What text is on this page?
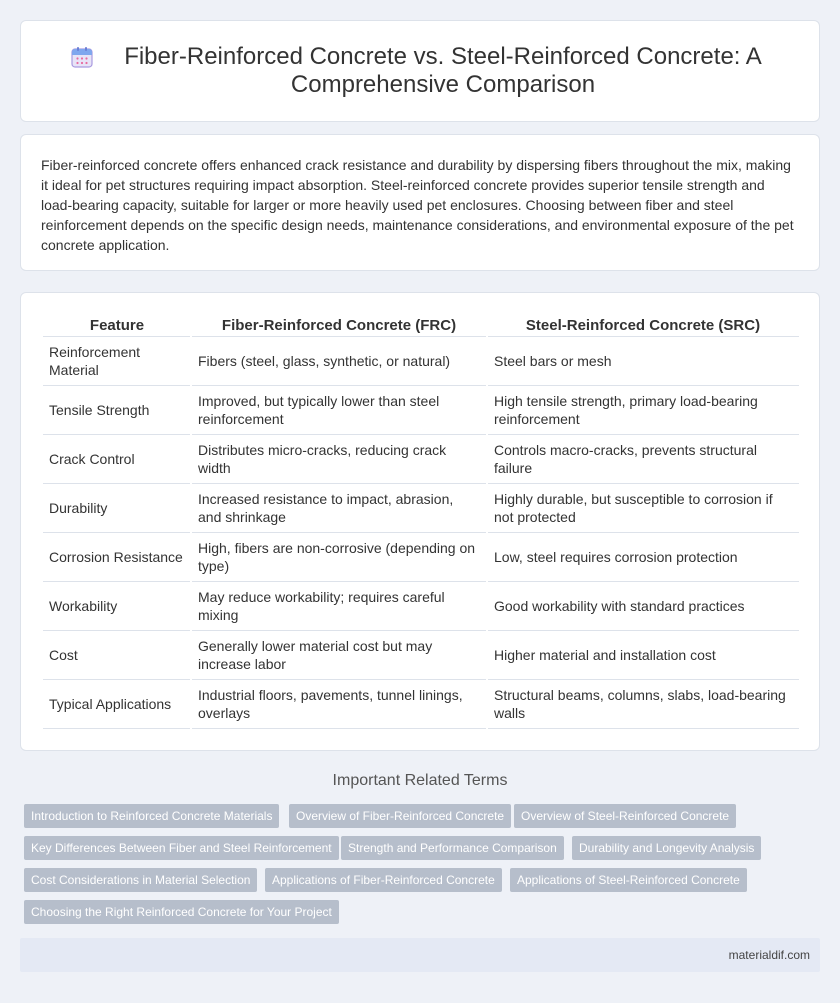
Fiber-Reinforced Concrete vs. Steel-Reinforced Concrete: A Comprehensive Comparison

Fiber-reinforced concrete offers enhanced crack resistance and durability by dispersing fibers throughout the mix, making it ideal for pet structures requiring impact absorption. Steel-reinforced concrete provides superior tensile strength and load-bearing capacity, suitable for larger or more heavily used pet enclosures. Choosing between fiber and steel reinforcement depends on the specific design needs, maintenance considerations, and environmental exposure of the pet concrete application.

Feature	Fiber-Reinforced Concrete (FRC)	Steel-Reinforced Concrete (SRC)
Reinforcement Material	Fibers (steel, glass, synthetic, or natural)	Steel bars or mesh
Tensile Strength	Improved, but typically lower than steel reinforcement	High tensile strength, primary load-bearing reinforcement
Crack Control	Distributes micro-cracks, reducing crack width	Controls macro-cracks, prevents structural failure
Durability	Increased resistance to impact, abrasion, and shrinkage	Highly durable, but susceptible to corrosion if not protected
Corrosion Resistance	High, fibers are non-corrosive (depending on type)	Low, steel requires corrosion protection
Workability	May reduce workability; requires careful mixing	Good workability with standard practices
Cost	Generally lower material cost but may increase labor	Higher material and installation cost
Typical Applications	Industrial floors, pavements, tunnel linings, overlays	Structural beams, columns, slabs, load-bearing walls
Important Related Terms
Introduction to Reinforced Concrete Materials	Overview of Fiber-Reinforced Concrete	Overview of Steel-Reinforced Concrete
Key Differences Between Fiber and Steel Reinforcement	Strength and Performance Comparison	Durability and Longevity Analysis
Cost Considerations in Material Selection	Applications of Fiber-Reinforced Concrete	Applications of Steel-Reinforced Concrete
Choosing the Right Reinforced Concrete for Your Project
materialdif.com
